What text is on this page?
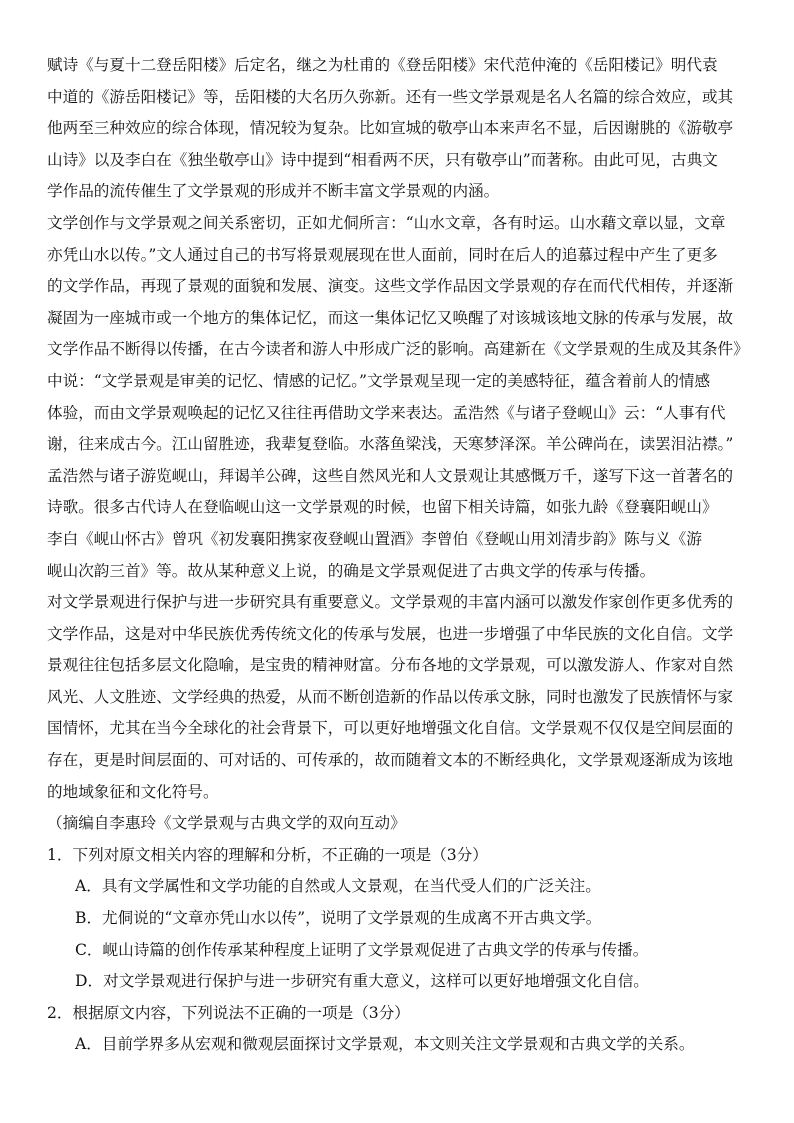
赋诗《与夏十二登岳阳楼》后定名，继之为杜甫的《登岳阳楼》宋代范仲淹的《岳阳楼记》明代袁
中道的《游岳阳楼记》等，岳阳楼的大名历久弥新。还有一些文学景观是名人名篇的综合效应，或其
他两至三种效应的综合体现，情况较为复杂。比如宣城的敬亭山本来声名不显，后因谢朓的《游敬亭
山诗》以及李白在《独坐敬亭山》诗中提到“相看两不厌，只有敬亭山”而著称。由此可见，古典文
学作品的流传催生了文学景观的形成并不断丰富文学景观的内涵。
文学创作与文学景观之间关系密切，正如尤侗所言：“山水文章，各有时运。山水藉文章以显，文章
亦凭山水以传。”文人通过自己的书写将景观展现在世人面前，同时在后人的追慕过程中产生了更多
的文学作品，再现了景观的面貌和发展、演变。这些文学作品因文学景观的存在而代代相传，并逐渐
凝固为一座城市或一个地方的集体记忆，而这一集体记忆又唤醒了对该城该地文脉的传承与发展，故
文学作品不断得以传播，在古今读者和游人中形成广泛的影响。高建新在《文学景观的生成及其条件》
中说：“文学景观是审美的记忆、情感的记忆。”文学景观呈现一定的美感特征，蕴含着前人的情感
体验，而由文学景观唤起的记忆又往往再借助文学来表达。孟浩然《与诸子登岘山》云：“人事有代
谢，往来成古今。江山留胜迹，我辈复登临。水落鱼梁浅，天寒梦泽深。羊公碑尚在，读罢泪沾襟。”
孟浩然与诸子游览岘山，拜谒羊公碑，这些自然风光和人文景观让其感慨万千，遂写下这一首著名的
诗歌。很多古代诗人在登临岘山这一文学景观的时候，也留下相关诗篇，如张九龄《登襄阳岘山》
李白《岘山怀古》曾巩《初发襄阳携家夜登岘山置酒》李曾伯《登岘山用刘清步韵》陈与义《游
岘山次韵三首》等。故从某种意义上说，的确是文学景观促进了古典文学的传承与传播。
对文学景观进行保护与进一步研究具有重要意义。文学景观的丰富内涵可以激发作家创作更多优秀的
文学作品，这是对中华民族优秀传统文化的传承与发展，也进一步增强了中华民族的文化自信。文学
景观往往包括多层文化隐喻，是宝贵的精神财富。分布各地的文学景观，可以激发游人、作家对自然
风光、人文胜迹、文学经典的热爱，从而不断创造新的作品以传承文脉，同时也激发了民族情怀与家
国情怀，尤其在当今全球化的社会背景下，可以更好地增强文化自信。文学景观不仅仅是空间层面的
存在，更是时间层面的、可对话的、可传承的，故而随着文本的不断经典化，文学景观逐渐成为该地
的地域象征和文化符号。
（摘编自李惠玲《文学景观与古典文学的双向互动》
1．下列对原文相关内容的理解和分析，不正确的一项是（3分）
A．具有文学属性和文学功能的自然或人文景观，在当代受人们的广泛关注。
B．尤侗说的“文章亦凭山水以传”，说明了文学景观的生成离不开古典文学。
C．岘山诗篇的创作传承某种程度上证明了文学景观促进了古典文学的传承与传播。
D．对文学景观进行保护与进一步研究有重大意义，这样可以更好地增强文化自信。
2．根据原文内容，下列说法不正确的一项是（3分）
A．目前学界多从宏观和微观层面探讨文学景观，本文则关注文学景观和古典文学的关系。
